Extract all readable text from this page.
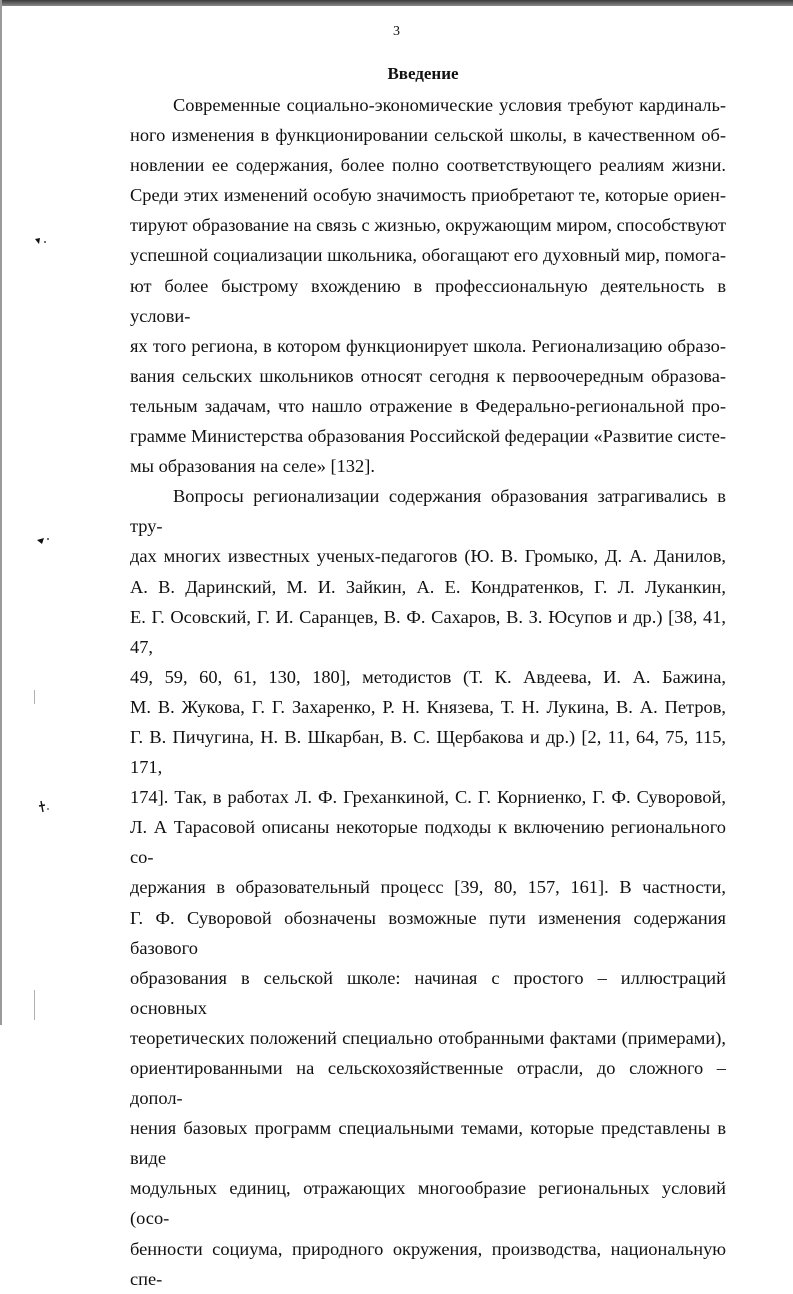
3
Введение

Современные социально-экономические условия требуют кардиналь-
ного изменения в функционировании сельской школы, в качественном об-
новлении ее содержания, более полно соответствующего реалиям жизни.
Среди этих изменений особую значимость приобретают те, которые ориен-
тируют образование на связь с жизнью, окружающим миром, способствуют
успешной социализации школьника, обогащают его духовный мир, помога-
ют более быстрому вхождению в профессиональную деятельность в услови-
ях того региона, в котором функционирует школа. Регионализацию образо-
вания сельских школьников относят сегодня к первоочередным образова-
тельным задачам, что нашло отражение в Федерально-региональной про-
грамме Министерства образования Российской федерации «Развитие систе-
мы образования на селе» [132].

Вопросы регионализации содержания образования затрагивались в тру-
дах многих известных ученых-педагогов (Ю. В. Громыко, Д. А. Данилов,
А. В. Даринский, М. И. Зайкин, А. Е. Кондратенков, Г. Л. Луканкин,
Е. Г. Осовский, Г. И. Саранцев, В. Ф. Сахаров, В. З. Юсупов и др.) [38, 41, 47,
49, 59, 60, 61, 130, 180], методистов (Т. К. Авдеева, И. А. Бажина,
М. В. Жукова, Г. Г. Захаренко, Р. Н. Князева, Т. Н. Лукина, В. А. Петров,
Г. В. Пичугина, Н. В. Шкарбан, В. С. Щербакова и др.) [2, 11, 64, 75, 115, 171,
174]. Так, в работах Л. Ф. Греханкиной, С. Г. Корниенко, Г. Ф. Суворовой,
Л. А Тарасовой описаны некоторые подходы к включению регионального со-
держания в образовательный процесс [39, 80, 157, 161]. В частности,
Г. Ф. Суворовой обозначены возможные пути изменения содержания базового
образования в сельской школе: начиная с простого – иллюстраций основных
теоретических положений специально отобранными фактами (примерами),
ориентированными на сельскохозяйственные отрасли, до сложного – допол-
нения базовых программ специальными темами, которые представлены в виде
модульных единиц, отражающих многообразие региональных условий (осо-
бенности социума, природного окружения, производства, национальную спе-
